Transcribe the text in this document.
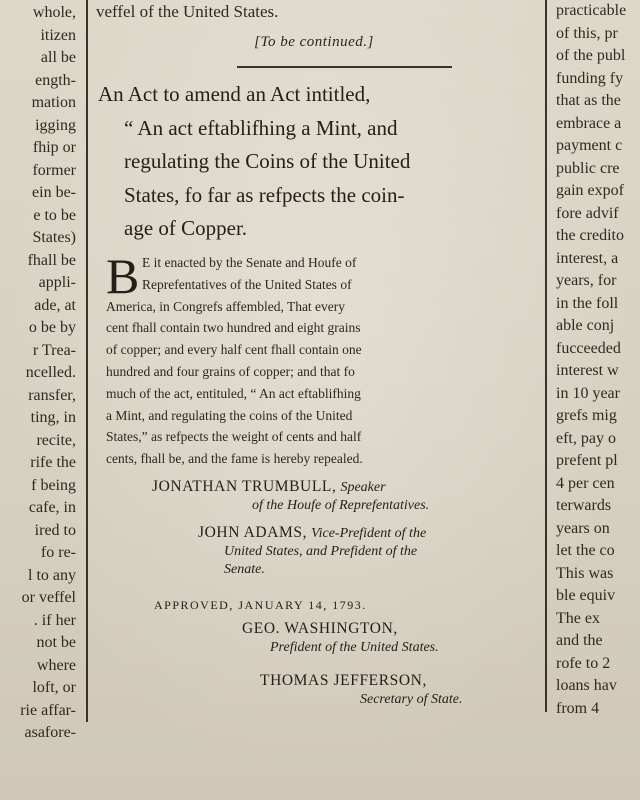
whole,
itizen
all be
ength-
mation
igging
fhip or
former
ein be-
e to be
States)
fhall be
appli-
ade, at
o be by
r Trea-
ncelled.
ransfer,
ting, in
recite,
rife the
f being
cafe, in
ired to
fo re-
l to any
or veffel
. if her
not be
where
loft, or
rie affar-
asafore-
practicable
of this, pr
of the publ
funding fy
that as the
embrace a
payment c
public cre
gain expof
fore advif
the credito
interest, a
years, for
in the foll
able conj
fucceeded
interest w
in 10 year
grefs mig
eft, pay o
prefent pl
4 per cen
terwards
years on
let the co
This was
ble equiv
The ex
and the
rofe to 2
loans hav
from 4
veffel of the United States.
[To be continued.]
An Act to amend an Act intitled,
“ An act eftablifhing a Mint, and
regulating the Coins of the United
States, fo far as refpects the coin-
age of Copper.
B E it enacted by the Senate and Houfe of
Reprefentatives of the United States of
America, in Congrefs affembled, That every
cent fhall contain two hundred and eight grains
of copper; and every half cent fhall contain one
hundred and four grains of copper; and that fo
much of the act, entituled, “ An act eftablifhing
a Mint, and regulating the coins of the United
States,” as refpects the weight of cents and half
cents, fhall be, and the fame is hereby repealed.
JONATHAN TRUMBULL, Speaker
of the Houfe of Reprefentatives.
JOHN ADAMS, Vice-Prefident of the
United States, and Prefident of the
Senate.
APPROVED, JANUARY 14, 1793.
GEO. WASHINGTON,
Prefident of the United States.
THOMAS JEFFERSON,
Secretary of State.
